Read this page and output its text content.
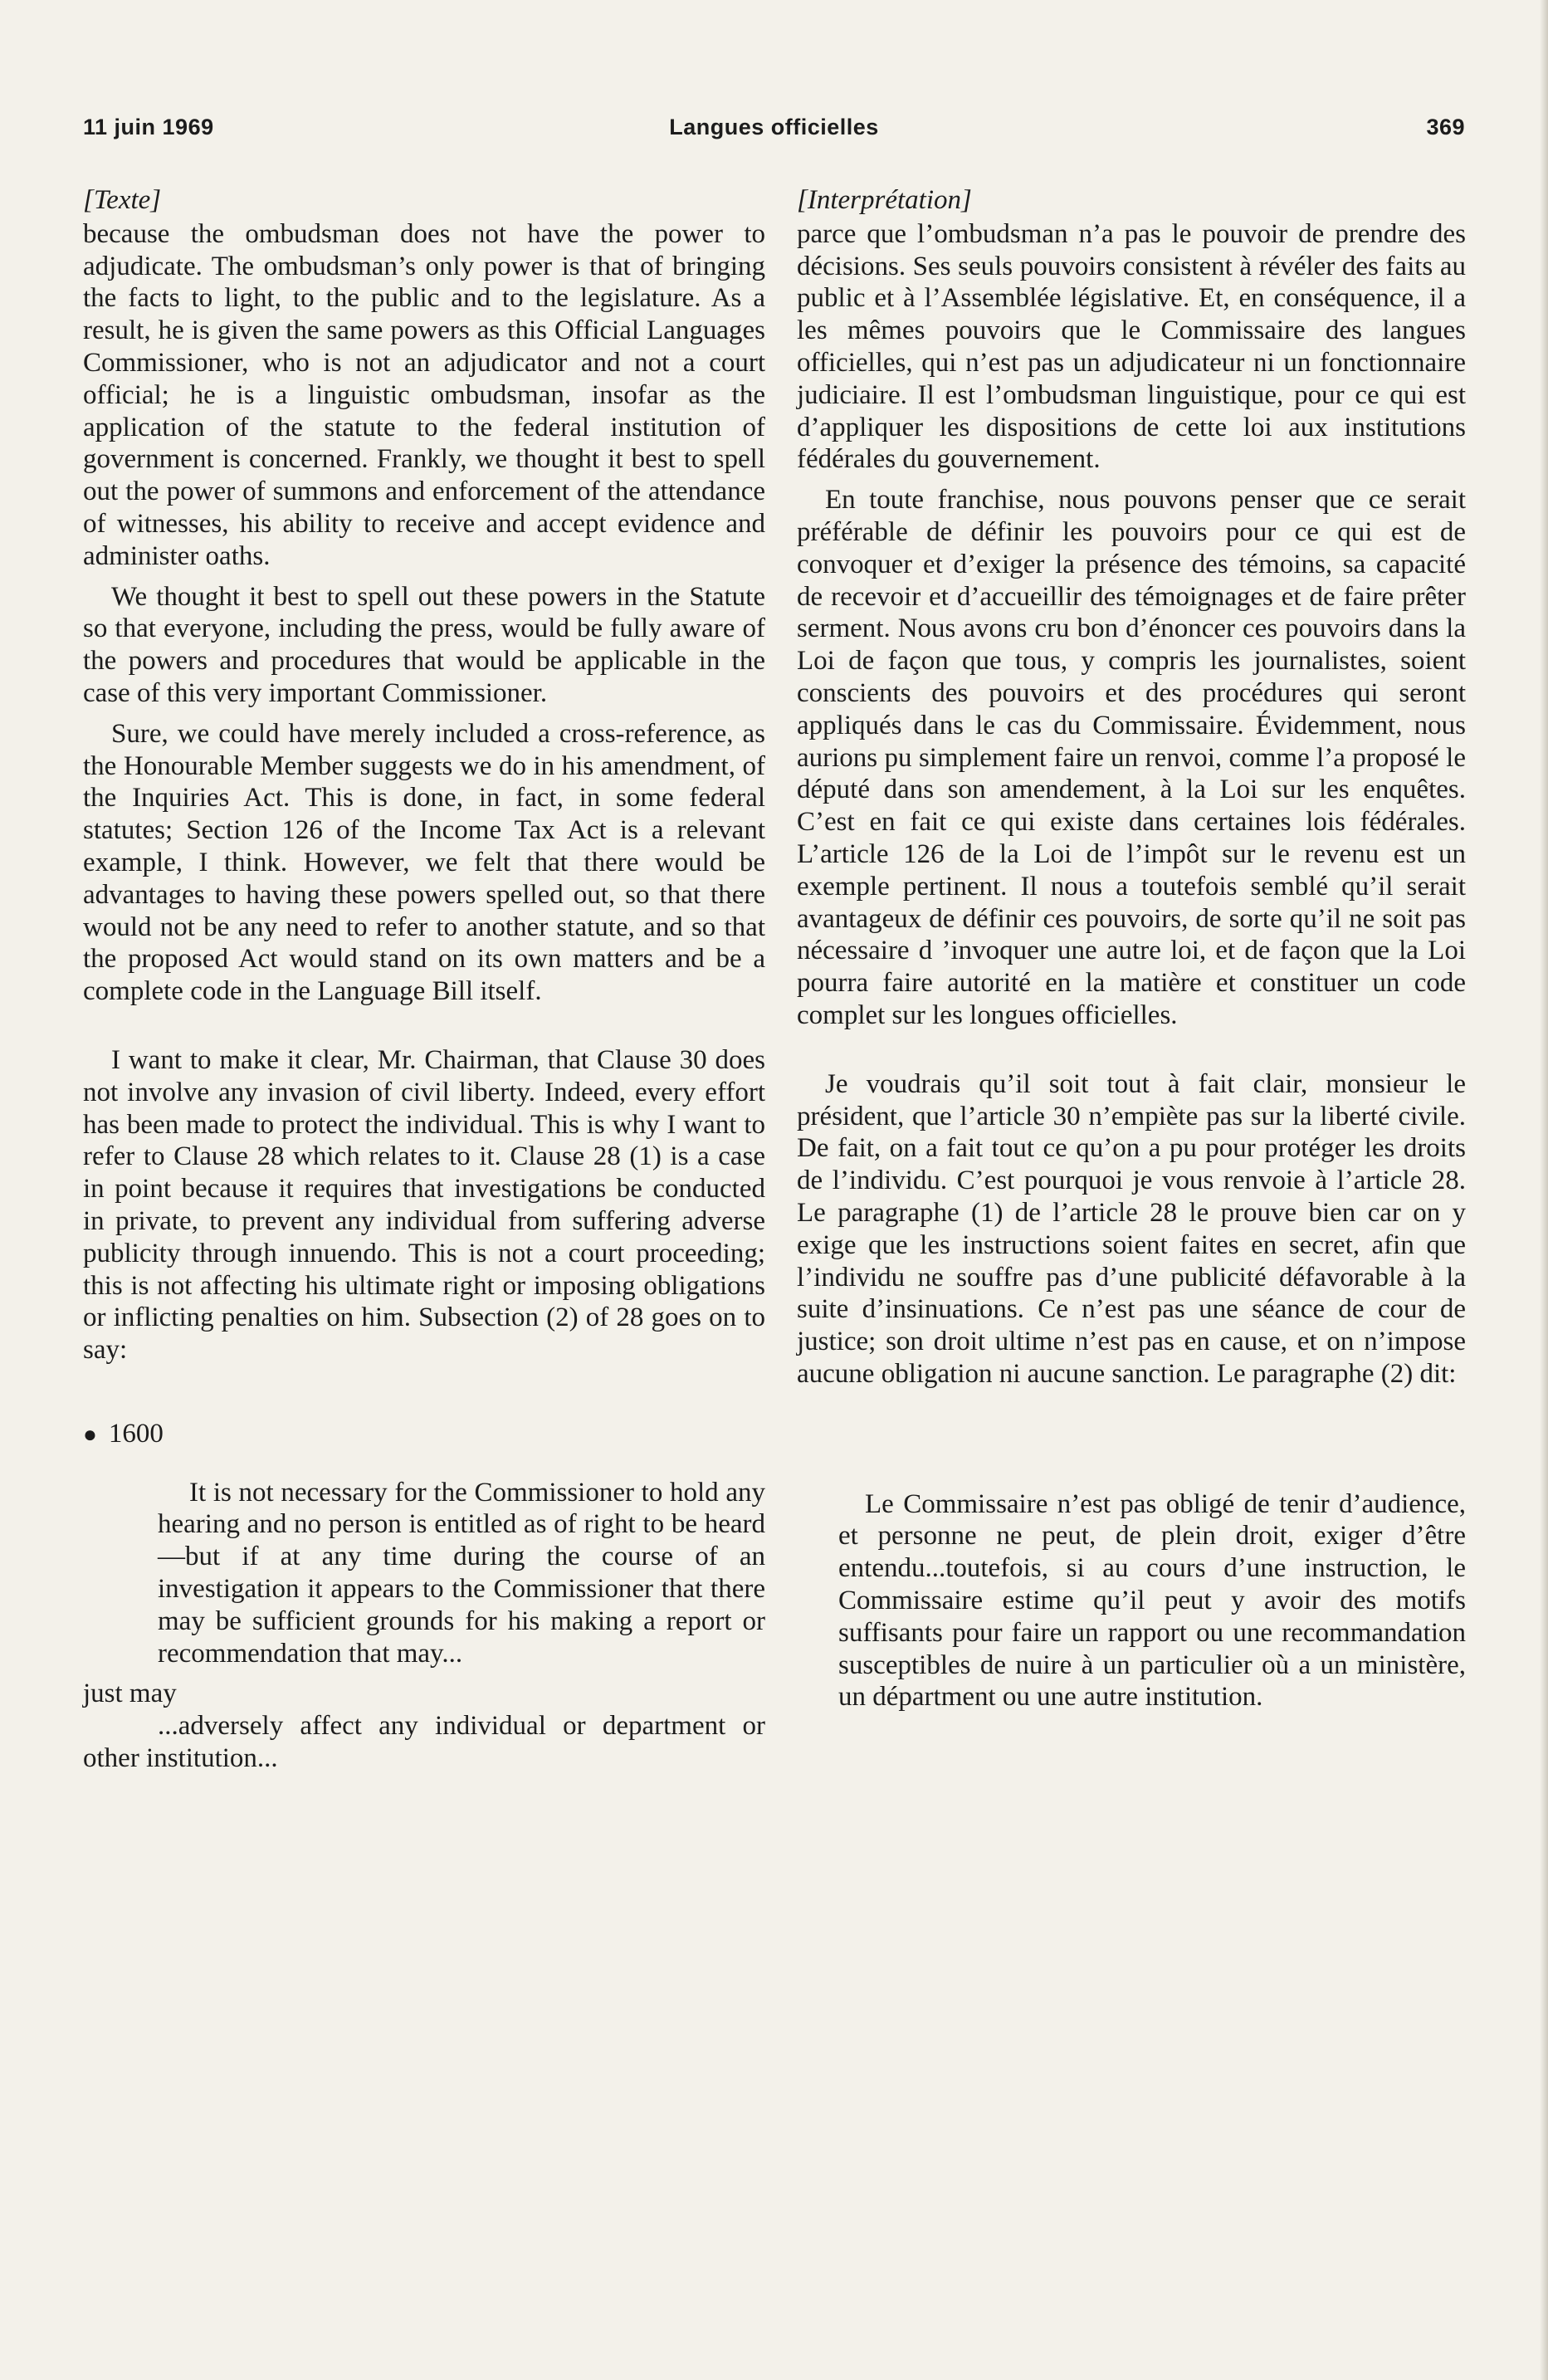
11 juin 1969	Langues officielles	369
[Texte]

because the ombudsman does not have the power to adjudicate. The ombudsman’s only power is that of bringing the facts to light, to the public and to the legislature. As a result, he is given the same powers as this Official Languages Commissioner, who is not an adjudicator and not a court official; he is a linguistic ombudsman, insofar as the application of the statute to the federal institution of government is concerned. Frankly, we thought it best to spell out the power of summons and enforcement of the attendance of witnesses, his ability to receive and accept evidence and administer oaths.

We thought it best to spell out these powers in the Statute so that everyone, including the press, would be fully aware of the powers and procedures that would be applicable in the case of this very important Commissioner.

Sure, we could have merely included a cross-reference, as the Honourable Member suggests we do in his amendment, of the Inquiries Act. This is done, in fact, in some federal statutes; Section 126 of the Income Tax Act is a relevant example, I think. However, we felt that there would be advantages to having these powers spelled out, so that there would not be any need to refer to another statute, and so that the proposed Act would stand on its own matters and be a complete code in the Language Bill itself.

I want to make it clear, Mr. Chairman, that Clause 30 does not involve any invasion of civil liberty. Indeed, every effort has been made to protect the individual. This is why I want to refer to Clause 28 which relates to it. Clause 28 (1) is a case in point because it requires that investigations be conducted in private, to prevent any individual from suffering adverse publicity through innuendo. This is not a court proceeding; this is not affecting his ultimate right or imposing obligations or inflicting penalties on him. Subsection (2) of 28 goes on to say:

● 1600

It is not necessary for the Commissioner to hold any hearing and no person is entitled as of right to be heard—but if at any time during the course of an investigation it appears to the Commissioner that there may be sufficient grounds for his making a report or recommendation that may...

just may

...adversely affect any individual or department or other institution...

[Interprétation]

parce que l’ombudsman n’a pas le pouvoir de prendre des décisions. Ses seuls pouvoirs consistent à révéler des faits au public et à l’Assemblée législative. Et, en conséquence, il a les mêmes pouvoirs que le Commissaire des langues officielles, qui n’est pas un adjudicateur ni un fonctionnaire judiciaire. Il est l’ombudsman linguistique, pour ce qui est d’appliquer les dispositions de cette loi aux institutions fédérales du gouvernement.

En toute franchise, nous pouvons penser que ce serait préférable de définir les pouvoirs pour ce qui est de convoquer et d’exiger la présence des témoins, sa capacité de recevoir et d’accueillir des témoignages et de faire prêter serment. Nous avons cru bon d’énoncer ces pouvoirs dans la Loi de façon que tous, y compris les journalistes, soient conscients des pouvoirs et des procédures qui seront appliqués dans le cas du Commissaire. Évidemment, nous aurions pu simplement faire un renvoi, comme l’a proposé le député dans son amendement, à la Loi sur les enquêtes. C’est en fait ce qui existe dans certaines lois fédérales. L’article 126 de la Loi de l’impôt sur le revenu est un exemple pertinent. Il nous a toutefois semblé qu’il serait avantageux de définir ces pouvoirs, de sorte qu’il ne soit pas nécessaire d ’invoquer une autre loi, et de façon que la Loi pourra faire autorité en la matière et constituer un code complet sur les longues officielles.

Je voudrais qu’il soit tout à fait clair, monsieur le président, que l’article 30 n’empiète pas sur la liberté civile. De fait, on a fait tout ce qu’on a pu pour protéger les droits de l’individu. C’est pourquoi je vous renvoie à l’article 28. Le paragraphe (1) de l’article 28 le prouve bien car on y exige que les instructions soient faites en secret, afin que l’individu ne souffre pas d’une publicité défavorable à la suite d’insinuations. Ce n’est pas une séance de cour de justice; son droit ultime n’est pas en cause, et on n’impose aucune obligation ni aucune sanction. Le paragraphe (2) dit:

Le Commissaire n’est pas obligé de tenir d’audience, et personne ne peut, de plein droit, exiger d’être entendu...toutefois, si au cours d’une instruction, le Commissaire estime qu’il peut y avoir des motifs suffisants pour faire un rapport ou une recommandation susceptibles de nuire à un particulier où a un ministère, un départment ou une autre institution.
